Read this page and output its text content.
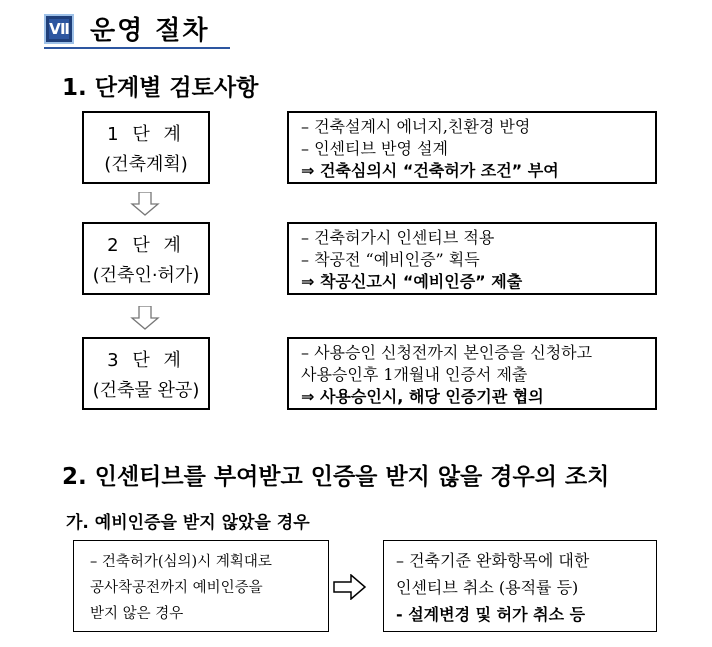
Ⅶ 운영 절차
1. 단계별 검토사항
1 단 계
(건축계획)
– 건축설계시 에너지,친환경 반영
– 인센티브 반영 설계
⇒ 건축심의시 “건축허가 조건” 부여
2 단 계
(건축인·허가)
– 건축허가시 인센티브 적용
– 착공전 “예비인증” 획득
⇒ 착공신고시 “예비인증” 제출
3 단 계
(건축물 완공)
– 사용승인 신청전까지 본인증을 신청하고
사용승인후 1개월내 인증서 제출
⇒ 사용승인시, 해당 인증기관 협의
2. 인센티브를 부여받고 인증을 받지 않을 경우의 조치
가. 예비인증을 받지 않았을 경우
– 건축허가(심의)시 계획대로
공사착공전까지 예비인증을
받지 않은 경우
– 건축기준 완화항목에 대한
인센티브 취소 (용적률 등)
- 설계변경 및 허가 취소 등
